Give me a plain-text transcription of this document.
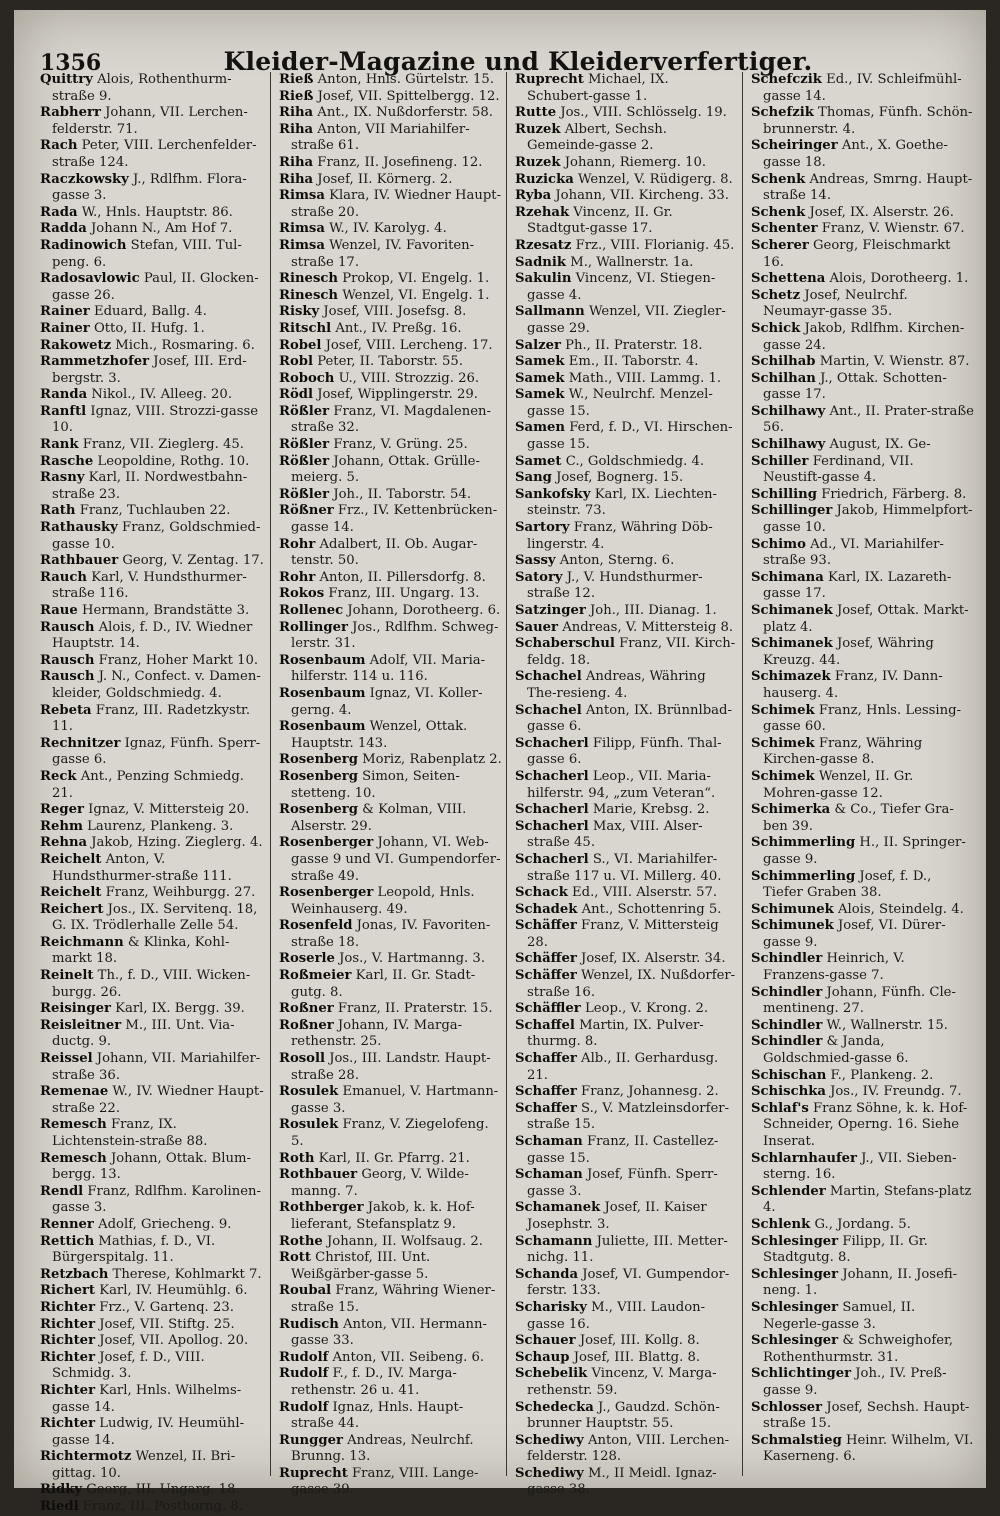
1356	Kleider-Magazine und Kleiderverfertiger.
Quittry Alois, Rothenthurm-straße 9.
Rabherr Johann, VII. Lerchen-felderstr. 71.
Rach Peter, VIII. Lerchenfelder-straße 124.
Raczkowsky J., Rdlfhm. Flora-gasse 3.
Rada W., Hnls. Hauptstr. 86.
Radda Johann N., Am Hof 7.
Radinowich Stefan, VIII. Tul-peng. 6.
Radosavlowic Paul, II. Glocken-gasse 26.
Rainer Eduard, Ballg. 4.
Rainer Otto, II. Hufg. 1.
Rakowetz Mich., Rosmaring. 6.
Rammetzhofer Josef, III. Erd-bergstr. 3.
Randa Nikol., IV. Alleeg. 20.
Ranftl Ignaz, VIII. Strozzi-gasse 10.
Rank Franz, VII. Zieglerg. 45.
Rasche Leopoldine, Rothg. 10.
Rasny Karl, II. Nordwestbahn-straße 23.
Rath Franz, Tuchlauben 22.
Rathausky Franz, Goldschmied-gasse 10.
Rathbauer Georg, V. Zentag. 17.
Rauch Karl, V. Hundsthurmer-straße 116.
Raue Hermann, Brandstätte 3.
Rausch Alois, f. D., IV. Wiedner Hauptstr. 14.
Rausch Franz, Hoher Markt 10.
Rausch J. N., Confect. v. Damen-kleider, Goldschmiedg. 4.
Rebeta Franz, III. Radetzkystr. 11.
Rechnitzer Ignaz, Fünfh. Sperr-gasse 6.
Reck Ant., Penzing Schmiedg. 21.
Reger Ignaz, V. Mittersteig 20.
Rehm Laurenz, Plankeng. 3.
Rehna Jakob, Hzing. Zieglerg. 4.
Reichelt Anton, V. Hundsthurmer-straße 111.
Reichelt Franz, Weihburgg. 27.
Reichert Jos., IX. Servitenq. 18, G. IX. Trödlerhalle Zelle 54.
Reichmann & Klinka, Kohl-markt 18.
Reinelt Th., f. D., VIII. Wicken-burgg. 26.
Reisinger Karl, IX. Bergg. 39.
Reisleitner M., III. Unt. Via-ductg. 9.
Reissel Johann, VII. Mariahilfer-straße 36.
Remenae W., IV. Wiedner Haupt-straße 22.
Remesch Franz, IX. Lichtenstein-straße 88.
Remesch Johann, Ottak. Blum-bergg. 13.
Rendl Franz, Rdlfhm. Karolinen-gasse 3.
Renner Adolf, Griecheng. 9.
Rettich Mathias, f. D., VI. Bürgerspitalg. 11.
Retzbach Therese, Kohlmarkt 7.
Richert Karl, IV. Heumühlg. 6.
Richter Frz., V. Gartenq. 23.
Richter Josef, VII. Stiftg. 25.
Richter Josef, VII. Apollog. 20.
Richter Josef, f. D., VIII. Schmidg. 3.
Richter Karl, Hnls. Wilhelms-gasse 14.
Richter Ludwig, IV. Heumühl-gasse 14.
Richtermotz Wenzel, II. Bri-gittag. 10.
Ridky Georg, III. Ungarg. 18.
Riedl Franz, III. Posthorng. 8.
Rieß Anton, Hnls. Gürtelstr. 15.
Rieß Josef, VII. Spittelbergg. 12.
Riha Ant., IX. Nußdorferstr. 58.
Riha Anton, VII Mariahilfer-straße 61.
Riha Franz, II. Josefineng. 12.
Riha Josef, II. Körnerg. 2.
Rimsa Klara, IV. Wiedner Haupt-straße 20.
Rimsa W., IV. Karolyg. 4.
Rimsa Wenzel, IV. Favoriten-straße 17.
Rinesch Prokop, VI. Engelg. 1.
Rinesch Wenzel, VI. Engelg. 1.
Risky Josef, VIII. Josefsg. 8.
Ritschl Ant., IV. Preßg. 16.
Robel Josef, VIII. Lercheng. 17.
Robl Peter, II. Taborstr. 55.
Roboch U., VIII. Strozzig. 26.
Rödl Josef, Wipplingerstr. 29.
Rößler Franz, VI. Magdalenen-straße 32.
Rößler Franz, V. Grüng. 25.
Rößler Johann, Ottak. Grülle-meierg. 5.
Rößler Joh., II. Taborstr. 54.
Rößner Frz., IV. Kettenbrücken-gasse 14.
Rohr Adalbert, II. Ob. Augar-tenstr. 50.
Rohr Anton, II. Pillersdorfg. 8.
Rokos Franz, III. Ungarg. 13.
Rollenec Johann, Dorotheerg. 6.
Rollinger Jos., Rdlfhm. Schweg-lerstr. 31.
Rosenbaum Adolf, VII. Maria-hilferstr. 114 u. 116.
Rosenbaum Ignaz, VI. Koller-gerng. 4.
Rosenbaum Wenzel, Ottak. Hauptstr. 143.
Rosenberg Moriz, Rabenplatz 2.
Rosenberg Simon, Seiten-stetteng. 10.
Rosenberg & Kolman, VIII. Alserstr. 29.
Rosenberger Johann, VI. Web-gasse 9 und VI. Gumpendorfer-straße 49.
Rosenberger Leopold, Hnls. Weinhauserg. 49.
Rosenfeld Jonas, IV. Favoriten-straße 18.
Roserle Jos., V. Hartmanng. 3.
Roßmeier Karl, II. Gr. Stadt-gutg. 8.
Roßner Franz, II. Praterstr. 15.
Roßner Johann, IV. Marga-rethenstr. 25.
Rosoll Jos., III. Landstr. Haupt-straße 28.
Rosulek Emanuel, V. Hartmann-gasse 3.
Rosulek Franz, V. Ziegelofeng. 5.
Roth Karl, II. Gr. Pfarrg. 21.
Rothbauer Georg, V. Wilde-manng. 7.
Rothberger Jakob, k. k. Hof-lieferant, Stefansplatz 9.
Rothe Johann, II. Wolfsaug. 2.
Rott Christof, III. Unt. Weißgärber-gasse 5.
Roubal Franz, Währing Wiener-straße 15.
Rudisch Anton, VII. Hermann-gasse 33.
Rudolf Anton, VII. Seibeng. 6.
Rudolf F., f. D., IV. Marga-rethenstr. 26 u. 41.
Rudolf Ignaz, Hnls. Haupt-straße 44.
Rungger Andreas, Neulrchf. Brunng. 13.
Ruprecht Franz, VIII. Lange-gasse 39.
Ruprecht Michael, IX. Schubert-gasse 1.
Rutte Jos., VIII. Schlösselg. 19.
Ruzek Albert, Sechsh. Gemeinde-gasse 2.
Ruzek Johann, Riemerg. 10.
Ruzicka Wenzel, V. Rüdigerg. 8.
Ryba Johann, VII. Kircheng. 33.
Rzehak Vincenz, II. Gr. Stadtgut-gasse 17.
Rzesatz Frz., VIII. Florianig. 45.
Sadnik M., Wallnerstr. 1a.
Sakulin Vincenz, VI. Stiegen-gasse 4.
Sallmann Wenzel, VII. Ziegler-gasse 29.
Salzer Ph., II. Praterstr. 18.
Samek Em., II. Taborstr. 4.
Samek Math., VIII. Lammg. 1.
Samek W., Neulrchf. Menzel-gasse 15.
Samen Ferd, f. D., VI. Hirschen-gasse 15.
Samet C., Goldschmiedg. 4.
Sang Josef, Bognerg. 15.
Sankofsky Karl, IX. Liechten-steinstr. 73.
Sartory Franz, Währing Döb-lingerstr. 4.
Sassy Anton, Sterng. 6.
Satory J., V. Hundsthurmer-straße 12.
Satzinger Joh., III. Dianag. 1.
Sauer Andreas, V. Mittersteig 8.
Schaberschul Franz, VII. Kirch-feldg. 18.
Schachel Andreas, Währing The-resieng. 4.
Schachel Anton, IX. Brünnlbad-gasse 6.
Schacherl Filipp, Fünfh. Thal-gasse 6.
Schacherl Leop., VII. Maria-hilferstr. 94, „zum Veteran“.
Schacherl Marie, Krebsg. 2.
Schacherl Max, VIII. Alser-straße 45.
Schacherl S., VI. Mariahilfer-straße 117 u. VI. Millerg. 40.
Schack Ed., VIII. Alserstr. 57.
Schadek Ant., Schottenring 5.
Schäffer Franz, V. Mittersteig 28.
Schäffer Josef, IX. Alserstr. 34.
Schäffer Wenzel, IX. Nußdorfer-straße 16.
Schäffler Leop., V. Krong. 2.
Schaffel Martin, IX. Pulver-thurmg. 8.
Schaffer Alb., II. Gerhardusg. 21.
Schaffer Franz, Johannesg. 2.
Schaffer S., V. Matzleinsdorfer-straße 15.
Schaman Franz, II. Castellez-gasse 15.
Schaman Josef, Fünfh. Sperr-gasse 3.
Schamanek Josef, II. Kaiser Josephstr. 3.
Schamann Juliette, III. Metter-nichg. 11.
Schanda Josef, VI. Gumpendor-ferstr. 133.
Scharisky M., VIII. Laudon-gasse 16.
Schauer Josef, III. Kollg. 8.
Schaup Josef, III. Blattg. 8.
Schebelik Vincenz, V. Marga-rethenstr. 59.
Schedecka J., Gaudzd. Schön-brunner Hauptstr. 55.
Schediwy Anton, VIII. Lerchen-felderstr. 128.
Schediwy M., II Meidl. Ignaz-gasse 38.
Schefczik Ed., IV. Schleifmühl-gasse 14.
Schefzik Thomas, Fünfh. Schön-brunnerstr. 4.
Scheiringer Ant., X. Goethe-gasse 18.
Schenk Andreas, Smrng. Haupt-straße 14.
Schenk Josef, IX. Alserstr. 26.
Schenter Franz, V. Wienstr. 67.
Scherer Georg, Fleischmarkt 16.
Schettena Alois, Dorotheerg. 1.
Schetz Josef, Neulrchf. Neumayr-gasse 35.
Schick Jakob, Rdlfhm. Kirchen-gasse 24.
Schilhab Martin, V. Wienstr. 87.
Schilhan J., Ottak. Schotten-gasse 17.
Schilhawy Ant., II. Prater-straße 56.
Schilhawy August, IX. Ge-
Schiller Ferdinand, VII. Neustift-gasse 4.
Schilling Friedrich, Färberg. 8.
Schillinger Jakob, Himmelpfort-gasse 10.
Schimo Ad., VI. Mariahilfer-straße 93.
Schimana Karl, IX. Lazareth-gasse 17.
Schimanek Josef, Ottak. Markt-platz 4.
Schimanek Josef, Währing Kreuzg. 44.
Schimazek Franz, IV. Dann-hauserg. 4.
Schimek Franz, Hnls. Lessing-gasse 60.
Schimek Franz, Währing Kirchen-gasse 8.
Schimek Wenzel, II. Gr. Mohren-gasse 12.
Schimerka & Co., Tiefer Gra-ben 39.
Schimmerling H., II. Springer-gasse 9.
Schimmerling Josef, f. D., Tiefer Graben 38.
Schimunek Alois, Steindelg. 4.
Schimunek Josef, VI. Dürer-gasse 9.
Schindler Heinrich, V. Franzens-gasse 7.
Schindler Johann, Fünfh. Cle-mentineng. 27.
Schindler W., Wallnerstr. 15.
Schindler & Janda, Goldschmied-gasse 6.
Schischan F., Plankeng. 2.
Schischka Jos., IV. Freundg. 7.
Schlaf's Franz Söhne, k. k. Hof-Schneider, Operng. 16. Siehe Inserat.
Schlarnhaufer J., VII. Sieben-sterng. 16.
Schlender Martin, Stefans-platz 4.
Schlenk G., Jordang. 5.
Schlesinger Filipp, II. Gr. Stadtgutg. 8.
Schlesinger Johann, II. Josefi-neng. 1.
Schlesinger Samuel, II. Negerle-gasse 3.
Schlesinger & Schweighofer, Rothenthurmstr. 31.
Schlichtinger Joh., IV. Preß-gasse 9.
Schlosser Josef, Sechsh. Haupt-straße 15.
Schmalstieg Heinr. Wilhelm, VI. Kaserneng. 6.
